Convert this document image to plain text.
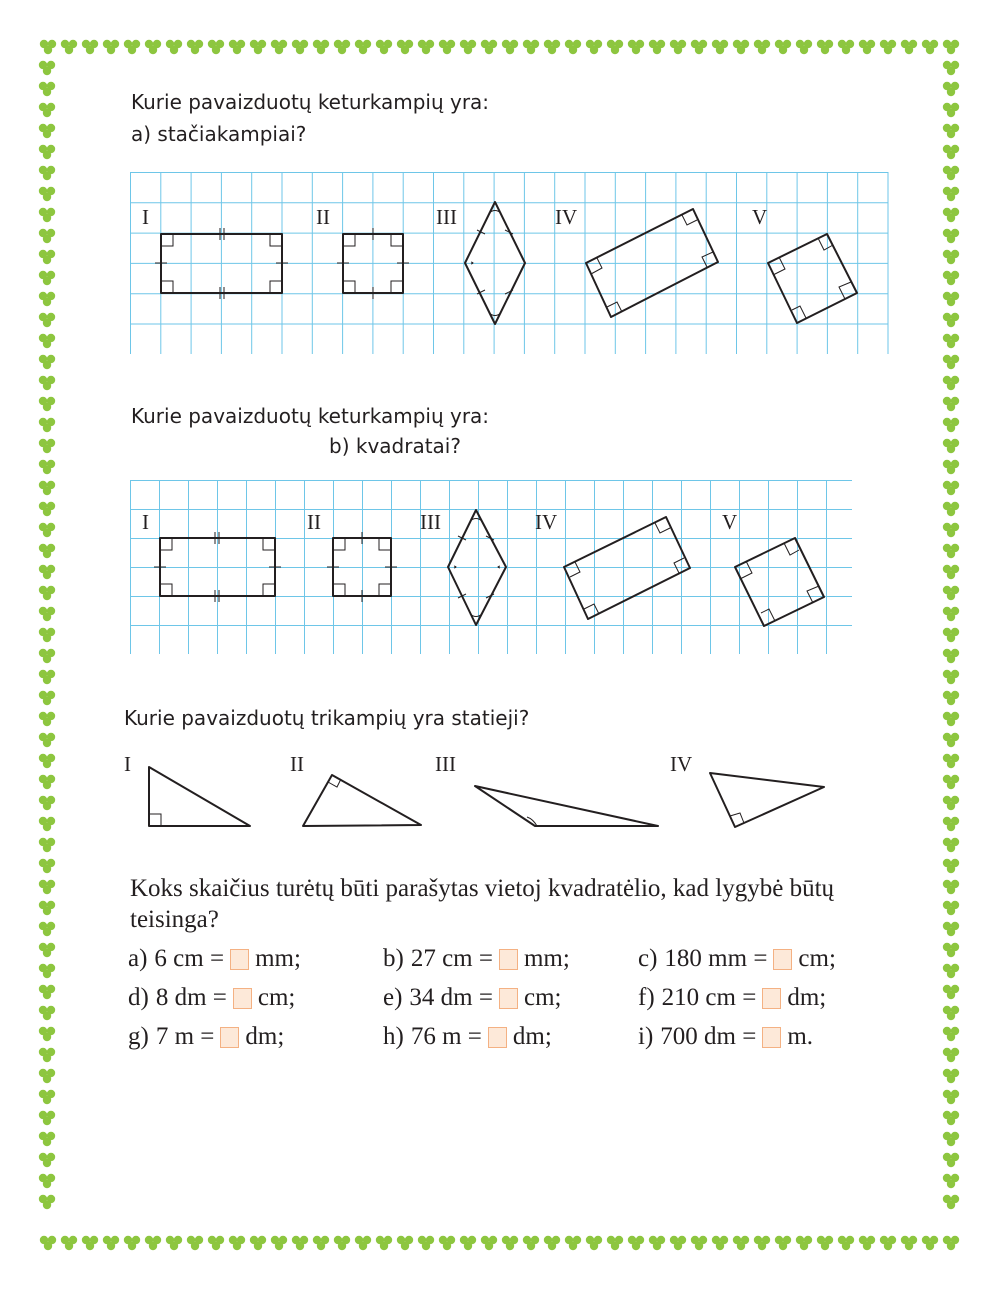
Kurie pavaizduotų keturkampių yra:
a) stačiakampiai?
I	II	III	IV	V
Kurie pavaizduotų keturkampių yra:
b) kvadratai?
I	II	III	IV	V
Kurie pavaizduotų trikampių yra statieji?
I	II	III	IV
Koks skaičius turėtų būti parašytas vietoj kvadratėlio, kad lygybė būtų
teisinga?
a) 6 cm = mm;	b) 27 cm = mm;	c) 180 mm = cm;
d) 8 dm = cm;	e) 34 dm = cm;	f) 210 cm = dm;
g) 7 m = dm;	h) 76 m = dm;	i) 700 dm = m.
